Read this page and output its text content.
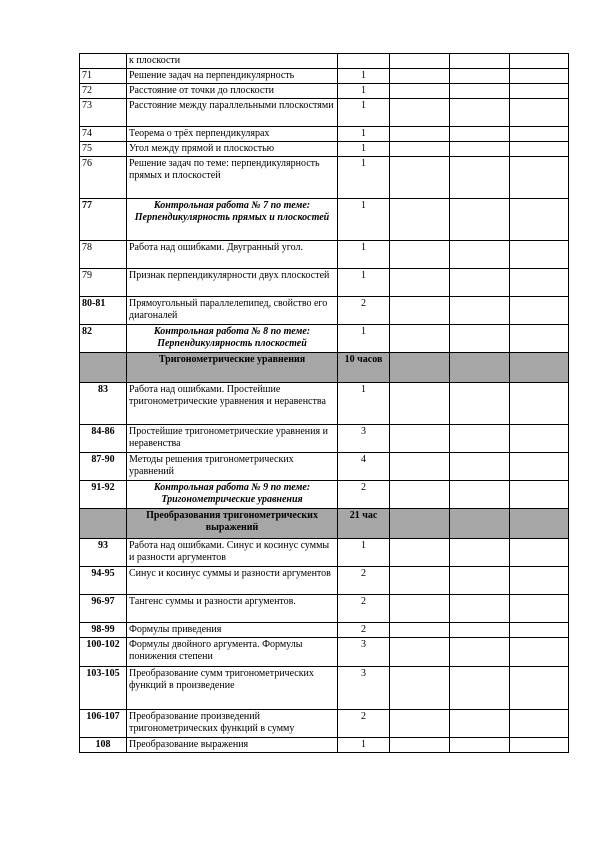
	к плоскости				
71	Решение задач на перпендикулярность	1			
72	Расстояние от точки до плоскости	1			
73	Расстояние между параллельными плоскостями	1			
74	Теорема о трёх перпендикулярах	1			
75	Угол между прямой и плоскостью	1			
76	Решение задач по теме: перпендикулярность прямых и плоскостей	1			
77	Контрольная работа № 7 по теме: Перпендикулярность прямых и плоскостей	1			
78	Работа над ошибками. Двугранный угол.	1			
79	Признак перпендикулярности двух плоскостей	1			
80-81	Прямоугольный параллелепипед, свойство его диагоналей	2			
82	Контрольная работа № 8 по теме: Перпендикулярность плоскостей	1			
	Тригонометрические уравнения	10 часов			
83	Работа над ошибками. Простейшие тригонометрические уравнения и неравенства	1			
84-86	Простейшие тригонометрические уравнения и неравенства	3			
87-90	Методы решения тригонометрических уравнений	4			
91-92	Контрольная работа № 9 по теме: Тригонометрические уравнения	2			
	Преобразования тригонометрических выражений	21 час			
93	Работа над ошибками. Синус и косинус суммы и разности аргументов	1			
94-95	Синус и косинус суммы и разности аргументов	2			
96-97	Тангенс суммы и разности аргументов.	2			
98-99	Формулы приведения	2			
100-102	Формулы двойного аргумента. Формулы понижения степени	3			
103-105	Преобразование сумм тригонометрических функций в произведение	3			
106-107	Преобразование произведений тригонометрических функций в сумму	2			
108	Преобразование выражения	1			
